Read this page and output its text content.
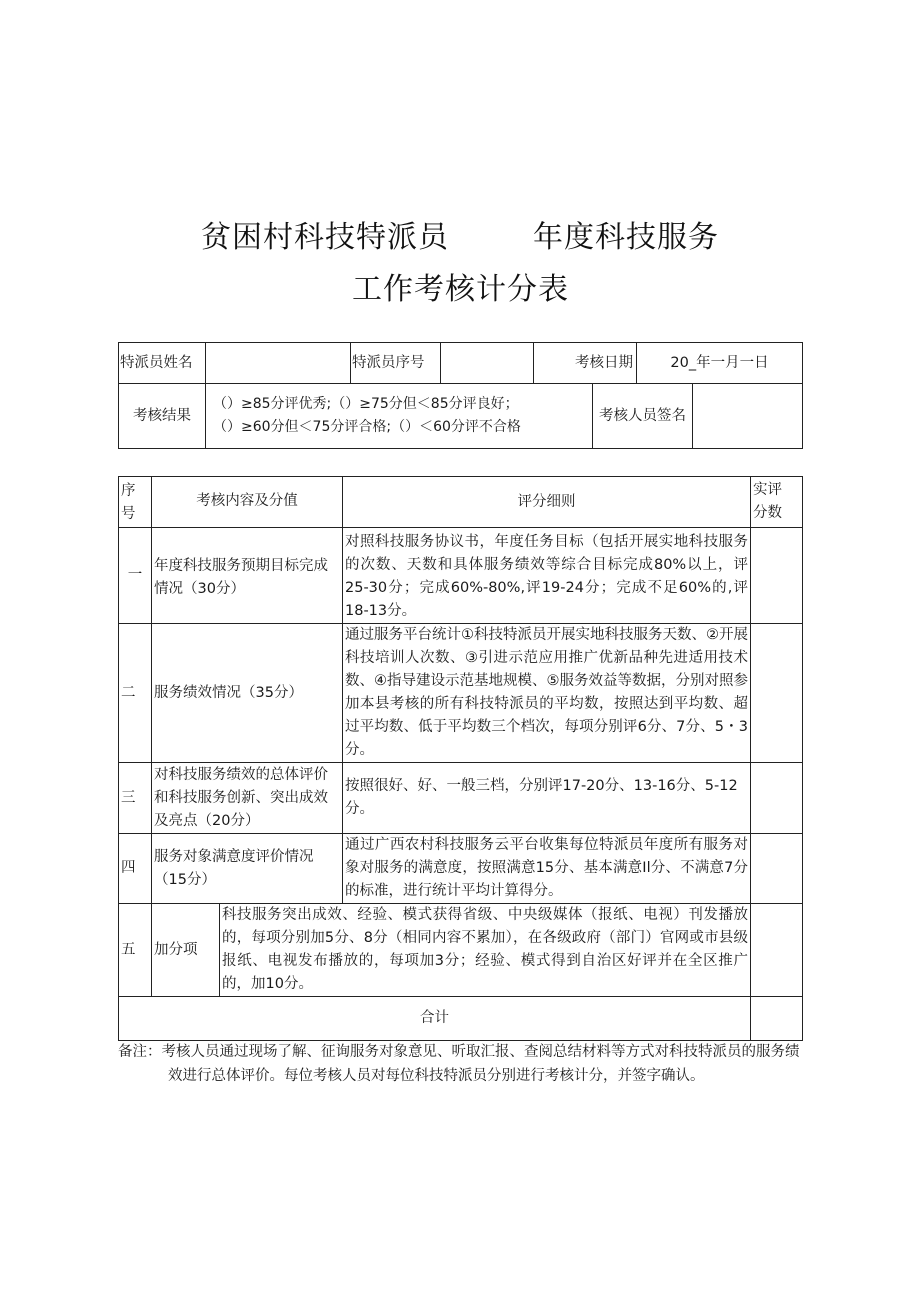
贫困村科技特派员	年度科技服务
工作考核计分表
特派员姓名		特派员序号		考核日期		20_年一月一日	
考核结果	（）≥85分评优秀;（）≥75分但＜85分评良好；
（）≥60分但＜75分评合格;（）＜60分评不合格				考核人员签名		
序号	考核内容及分值		评分细则	实评
分数

一	年度科技服务预期目标完成情况（30分）		对照科技服务协议书，年度任务目标（包括开展实地科技服务的次数、天数和具体服务绩效等综合目标完成80%以上，评25-30分；完成60%-80%,评19-24分；完成不足60%的,评18-13分。	
二	服务绩效情况（35分）		通过服务平台统计①科技特派员开展实地科技服务天数、②开展科技培训人次数、③引进示范应用推广优新品种先进适用技术数、④指导建设示范基地规模、⑤服务效益等数据，分别对照参加本县考核的所有科技特派员的平均数，按照达到平均数、超过平均数、低于平均数三个档次，每项分别评6分、7分、5・3分。	
三	对科技服务绩效的总体评价和科技服务创新、突出成效及亮点（20分）		按照很好、好、一般三档，分别评17-20分、13-16分、5-12分。	
四	服务对象满意度评价情况（15分）		通过广西农村科技服务云平台收集每位特派员年度所有服务对象对服务的满意度，按照满意15分、基本满意Il分、不满意7分的标准，进行统计平均计算得分。	
五	加分项	科技服务突出成效、经验、模式获得省级、中央级媒体（报纸、电视）刊发播放的，每项分别加5分、8分（相同内容不累加），在各级政府（部门）官网或市县级报纸、电视发布播放的，每项加3分；经验、模式得到自治区好评并在全区推广的，加10分。		
合计				
备注：考核人员通过现场了解、征询服务对象意见、听取汇报、查阅总结材料等方式对科技特派员的服务绩
效进行总体评价。每位考核人员对每位科技特派员分别进行考核计分，并签字确认。
